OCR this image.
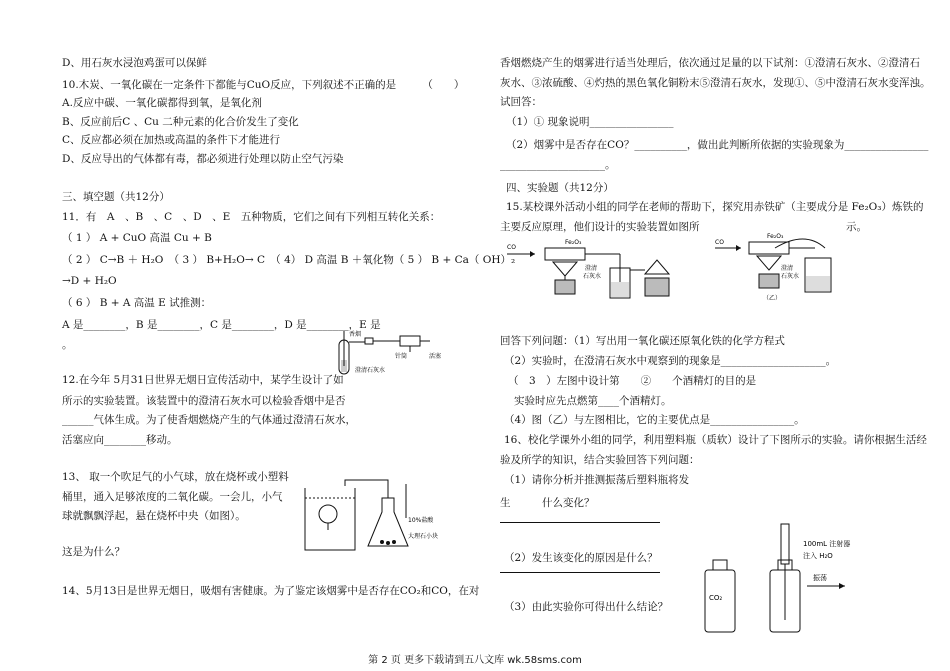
D、用石灰水浸泡鸡蛋可以保鲜
10.木炭、一氧化碳在一定条件下都能与CuO反应，下列叙述不正确的是　　　（　　）
A.反应中碳、一氧化碳都得到氧，是氧化剂
B、反应前后C 、Cu 二种元素的化合价发生了变化
C、反应都必须在加热或高温的条件下才能进行
D、反应导出的气体都有毒，都必须进行处理以防止空气污染
三、填空题（共12分）
11．有　A　、B　、C　、D　、E　五种物质，它们之间有下列相互转化关系：
（ 1 ） A + CuO 高温 Cu + B
（ 2 ） C→B ＋ H₂O　（ 3 ） B+H₂O→ C　（ 4） D 高温 B ＋氧化物（ 5 ） B + Ca（ OH）₂
→D + H₂O
（ 6 ） B + A 高温 E 试推测：
A 是________，B 是________，C 是________，D 是________，E 是
。
12.在今年 5月31日世界无烟日宣传活动中，某学生设计了如
所示的实验装置。该装置中的澄清石灰水可以检验香烟中是否
______气体生成。为了使香烟燃烧产生的气体通过澄清石灰水，
活塞应向________移动。
13、 取一个吹足气的小气球，放在烧杯或小塑料
桶里，通入足够浓度的二氧化碳。一会儿，小气
球就飘飘浮起，悬在烧杯中央（如图）。
这是为什么？
14、5月13日是世界无烟日，吸烟有害健康。为了鉴定该烟雾中是否存在CO₂和CO，在对
香烟
针筒	活塞
澄清石灰水
10%盐酸
大理石小块
香烟燃烧产生的烟雾进行适当处理后，依次通过足量的以下试剂：①澄清石灰水、②澄清石
灰水、③浓硫酸、④灼热的黑色氧化铜粉末⑤澄清石灰水，发现①、⑤中澄清石灰水变浑浊。
试回答：
（1）① 现象说明________________
（2）烟雾中是否存在CO？__________，做出此判断所依据的实验现象为________________
____________________。
四、实验题（共12分）
15.某校课外活动小组的同学在老师的帮助下，探究用赤铁矿（主要成分是 Fe₂O₃）炼铁的
主要反应原理，他们设计的实验装置如图所	示。
回答下列问题：（1）写出用一氧化碳还原氧化铁的化学方程式
（2）实验时，在澄清石灰水中观察到的现象是____________________。
（　3　）左图中设计第　　②　　个酒精灯的目的是
实验时应先点燃第____个酒精灯。
（4）图（乙）与左图相比，它的主要优点是________________。
16、校化学课外小组的同学，利用塑料瓶（质软）设计了下图所示的实验。请你根据生活经
验及所学的知识，结合实验回答下列问题：
（1）请你分析并推测振荡后塑料瓶将发
生　　　什么变化？
（2）发生该变化的原因是什么？
（3）由此实验你可得出什么结论？
CO
Fe₂O₃
澄清
石灰水
CO
Fe₂O₃
澄清
石灰水
（乙）
CO₂
100mL 注射器
注入 H₂O
振荡
第 2 页 更多下载请到五八文库 wk.58sms.com
